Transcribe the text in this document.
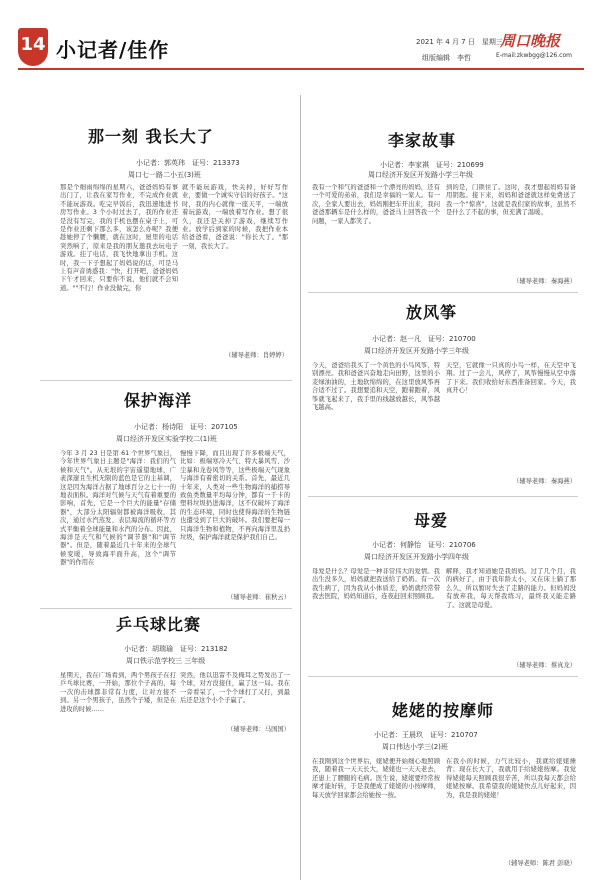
14 小记者/佳作	2021 年 4 月 7 日　星期三
组版编辑　李哲
周口晚报
E-mail:zkwbgg@126.com
那一刻 我长大了
小记者：郭英玮　证号：213373
周口七一路二小五(3)班
那是个细雨绵绵的星期六，爸爸妈妈有事出门了，让我在家写作业，不完成作业就不能玩游戏。吃完早饭后，我迅速地进书房写作业。3 个小时过去了，我的作业还是没有写完，我的手机也摆在桌子上，可是作业还剩下那么多，该怎么办呢？我便趁她停了个懒腰，就在这时，屋里的电话突然响了，原来是我的朋友邀我去玩电子游戏。挂了电话，我飞快地拿出手机。这时，我一下子想起了妈妈说的话，可是马上有声音诱惑我："快，打开吧，爸爸妈妈下午才回来，只要你不说，他们就不会知道。""不行！作业没做完，你
就不能玩游戏，快关掉，好好写作业，要做一个诚实守信的好孩子。"这时，我的内心就像一座天平，一端放着玩游戏，一端放着写作业。想了很久，我还是关掉了游戏，继续写作业。放学后到家的时候，我把作业本给爸爸看，爸爸说："你长大了。"那一刻，我长大了。
（辅导老师：肖婷婷）
保护海洋
小记者：杨诗阳　证号：207105
周口经济开发区实验学校二(1)班
今年 3 月 23 日是第 61 个世界气象日，今年世界气象日主题是"海洋：我们的气候和天气"。从无垠的宇宙遥望地球，广袤深邃且生机无限的蓝色是它的主基调，这是因为海洋占据了地球百分之七十一的地表面积。海洋对气候与天气有着重要的影响，首先，它是一个巨大的能量"存储器"，大部分太阳辐射都被海洋吸收，其次，通过水汽蒸发、表层海流的循环等方式平衡着全球能量和水汽的分布。因此，海洋是天气和气候的"调节器"和"调节器"。但是，随着最近几十年来的全球气候变暖，导致海平面升高，这个"调节器"的作用在
慢慢下降，而且出现了许多极端天气，比如：极端寒冷天气、特大暴风雪、沙尘暴和龙卷风等等，这些极端天气现象与海洋有着密切的关系。首先，最近几十年来，人类对一些生物海洋的捕捞导致鱼类数量平均每分钟，都有一千卡的塑料垃圾扔进海洋，这不仅破坏了海洋的生态环境，同时也使得海洋的生物链也遭受到了巨大的破坏。我们要把每一只海洋生物和植物，不再向海洋里乱扔垃圾，保护海洋就是保护我们自己。
（辅导老师：崔秋云）
乒乓球比赛
小记者：胡瑞瑜　证号：213182
周口铁示范学校三 三年级
星期天，我在广场看到，两个男孩子在打乒乓球比赛，一开始，那位个子高的，每一次的击球都非常有力度，让对方接不到。另一个男孩子，虽然个子矮，但是在进攻的时候……
突然，他以迅雷不及掩耳之势发出了一个球，对方没接住，赢了这一局。我在一旁看呆了，一个个球打了又打，到最后还是这个小个子赢了。
（辅导老师：马国国）
李家故事
小记者：李家祺　证号：210699
周口经济开发区开发路小学三年级
我有一个和气的爸爸和一个漂亮的妈妈，还有一个可爱的弟弟，我们是幸福的一家人。有一次，全家人要出去，妈妈刚把车开出来，我问爸爸那辆车是什么样的，爸爸马上回答我一个问题，一家人都笑了。
到的是，门锁住了。这时，我才想起妈妈有备用钥匙。接下来，妈妈和爸爸就这样免费送了我一个"惊喜"，这就是我们家的故事，虽然不是什么了不起的事，但充满了温暖。
（辅导老师：秦海燕）
放风筝
小记者：赵一凡　证号：210700
周口经济开发区开发路小学三年级
今天，爸爸给我买了一个黄色的小鸟风筝，特别漂亮。我和爸爸兴奋地走向田野，这里的小麦绿油油的，土地软绵绵的，在这里放风筝再合适不过了。我想要追和天空，跑着跑着，风筝就飞起来了，我手里的线越放越长，风筝越飞越高。
天空，它就像一只真的小鸟一样，在天空中飞翔。过了一会儿，风停了，风筝慢慢从空中落了下来。我们收拾好东西准备回家。今天，我真开心！
（辅导老师：秦海燕）
母爱
小记者：何静怡　证号：210706
周口经济开发区开发路小学四年级
母爱是什么？母爱是一种非常伟大的爱情。我出生没多久，妈妈就把我送给了奶奶。有一次我生病了，因为我从小体质差，奶奶就经常带我去医院，妈妈知道后，连夜赶回来照顾我。
解释，我才知道她是我妈妈。过了几个月，我的病好了，由于我年龄太小，又在床上躺了那么久，所以暂时失去了走路的能力。但妈妈没有放弃我，每天帮我练习，最终我又能走路了。这就是母爱。
（辅导老师：蔡真龙）
姥姥的按摩师
小记者：王晨玖　证号：210707
周口伟达小学三(2)班
在我刚到这个世界后，姥姥便开始细心地照顾我，随着我一天天长大，姥姥也一天天老去，还患上了腰腿的毛病。医生说，姥姥要经常按摩才能好转，于是我便成了姥姥的小按摩师，每天放学回家都会给她按一按。
在我小的时候，力气比较小，我就给姥姥捶背；现在长大了，我就用手给姥姥按摩。我觉得姥姥每天照顾我很辛苦，所以我每天都会给姥姥按摩。我希望我的姥姥快点儿好起来，因为，我是我的姥姥！
（辅导老师：陈君 彭晓）
